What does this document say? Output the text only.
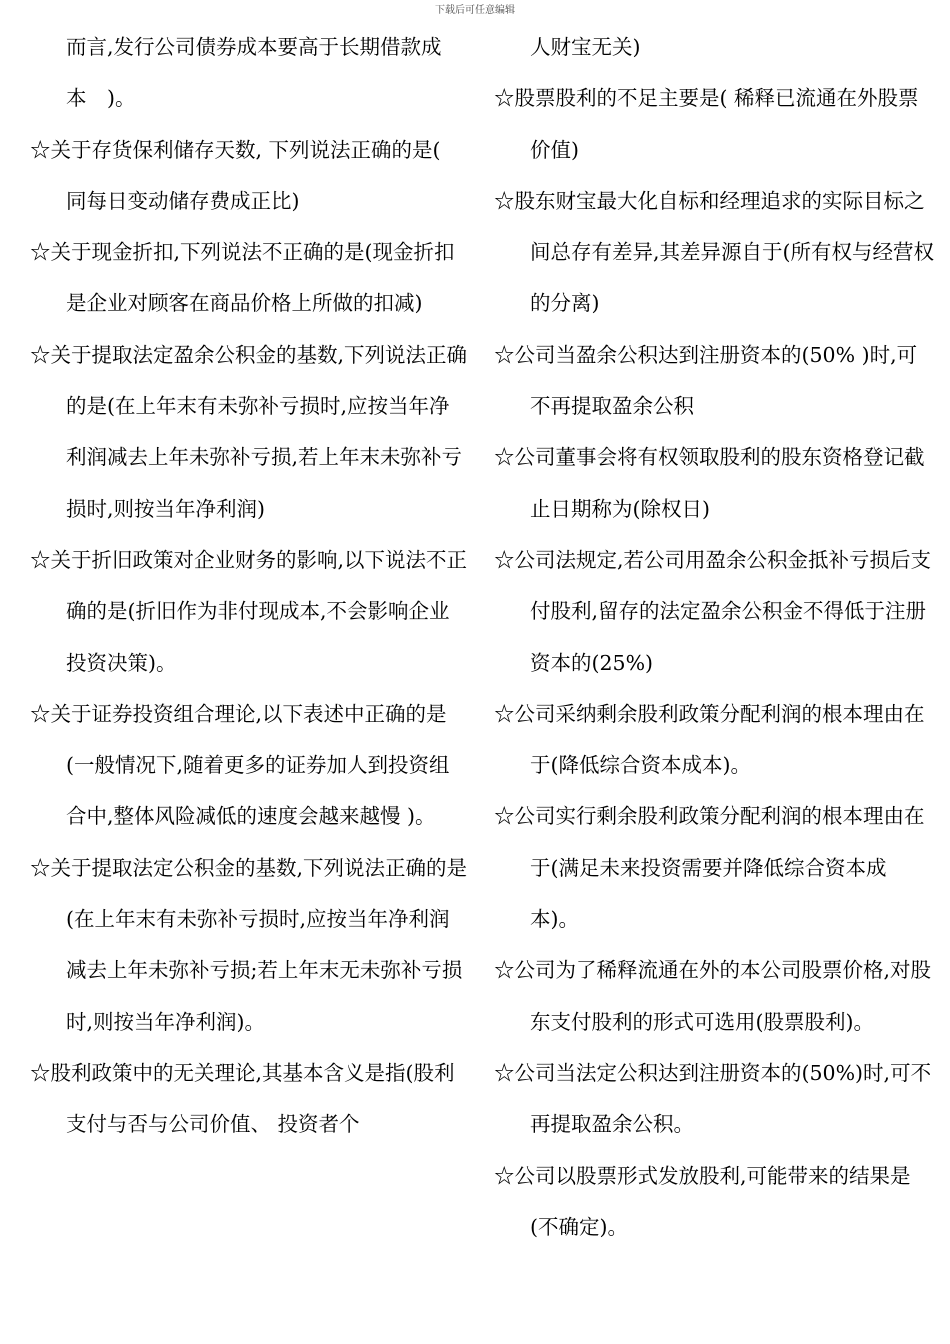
下载后可任意编辑

而言,发行公司债券成本要高于长期借款成本　)。

☆关于存货保利储存天数, 下列说法正确的是( 同每日变动储存费成正比)

☆关于现金折扣,下列说法不正确的是(现金折扣是企业对顾客在商品价格上所做的扣减)

☆关于提取法定盈余公积金的基数,下列说法正确的是(在上年末有未弥补亏损时,应按当年净利润减去上年未弥补亏损,若上年末未弥补亏损时,则按当年净利润)

☆关于折旧政策对企业财务的影响,以下说法不正确的是(折旧作为非付现成本,不会影响企业投资决策)。

☆关于证券投资组合理论,以下表述中正确的是(一般情况下,随着更多的证券加人到投资组合中,整体风险减低的速度会越来越慢 )。

☆关于提取法定公积金的基数,下列说法正确的是(在上年末有未弥补亏损时,应按当年净利润减去上年未弥补亏损;若上年末无未弥补亏损时,则按当年净利润)。

☆股利政策中的无关理论,其基本含义是指(股利支付与否与公司价值、 投资者个

人财宝无关)

☆股票股利的不足主要是( 稀释已流通在外股票价值)

☆股东财宝最大化自标和经理追求的实际目标之间总存有差异,其差异源自于(所有权与经营权的分离)

☆公司当盈余公积达到注册资本的(50% )时,可不再提取盈余公积

☆公司董事会将有权领取股利的股东资格登记截止日期称为(除权日)

☆公司法规定,若公司用盈余公积金抵补亏损后支付股利,留存的法定盈余公积金不得低于注册资本的(25%)

☆公司采纳剩余股利政策分配利润的根本理由在于(降低综合资本成本)。

☆公司实行剩余股利政策分配利润的根本理由在于(满足未来投资需要并降低综合资本成本)。

☆公司为了稀释流通在外的本公司股票价格,对股东支付股利的形式可选用(股票股利)。

☆公司当法定公积达到注册资本的(50%)时,可不再提取盈余公积。

☆公司以股票形式发放股利,可能带来的结果是(不确定)。
